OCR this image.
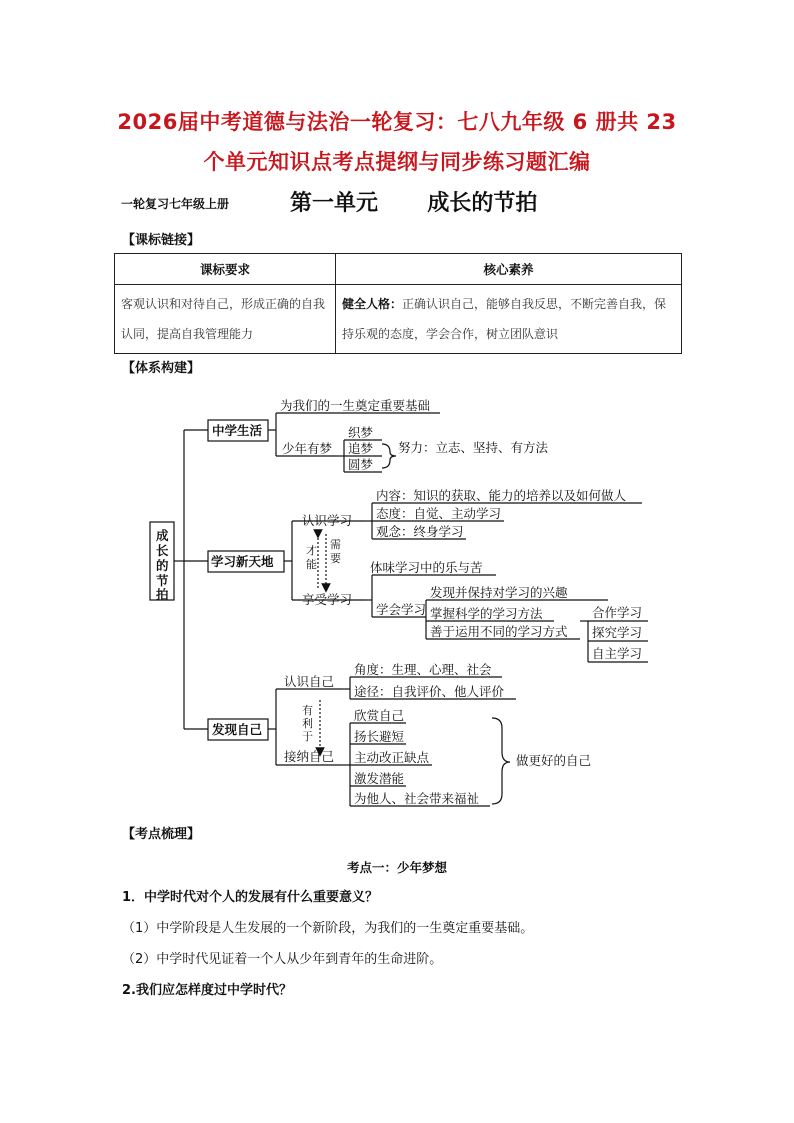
2026届中考道德与法治一轮复习：七八九年级 6 册共 23
个单元知识点考点提纲与同步练习题汇编
一轮复习七年级上册	第一单元 成长的节拍
【课标链接】
课标要求	核心素养
客观认识和对待自己，形成正确的自我认同，提高自我管理能力	健全人格：正确认识自己，能够自我反思，不断完善自我，保持乐观的态度，学会合作，树立团队意识
【体系构建】
成
长
的
节
拍
中学生活
学习新天地
发现自己
为我们的一生奠定重要基础
少年有梦
织梦
追梦
圆梦
努力：立志、坚持、有方法
认识学习
内容：知识的获取、能力的培养以及如何做人
态度：自觉、主动学习
观念：终身学习
才
能
需
要
享受学习
体味学习中的乐与苦
学会学习
发现并保持对学习的兴趣
掌握科学的学习方法
善于运用不同的学习方式
合作学习
探究学习
自主学习
认识自己
角度：生理、心理、社会
途径：自我评价、他人评价
有
利
于
接纳自己
欣赏自己
扬长避短
主动改正缺点
激发潜能
为他人、社会带来福祉
做更好的自己
【考点梳理】
考点一：少年梦想
1．中学时代对个人的发展有什么重要意义？
（1）中学阶段是人生发展的一个新阶段，为我们的一生奠定重要基础。
（2）中学时代见证着一个人从少年到青年的生命进阶。
2.我们应怎样度过中学时代？
